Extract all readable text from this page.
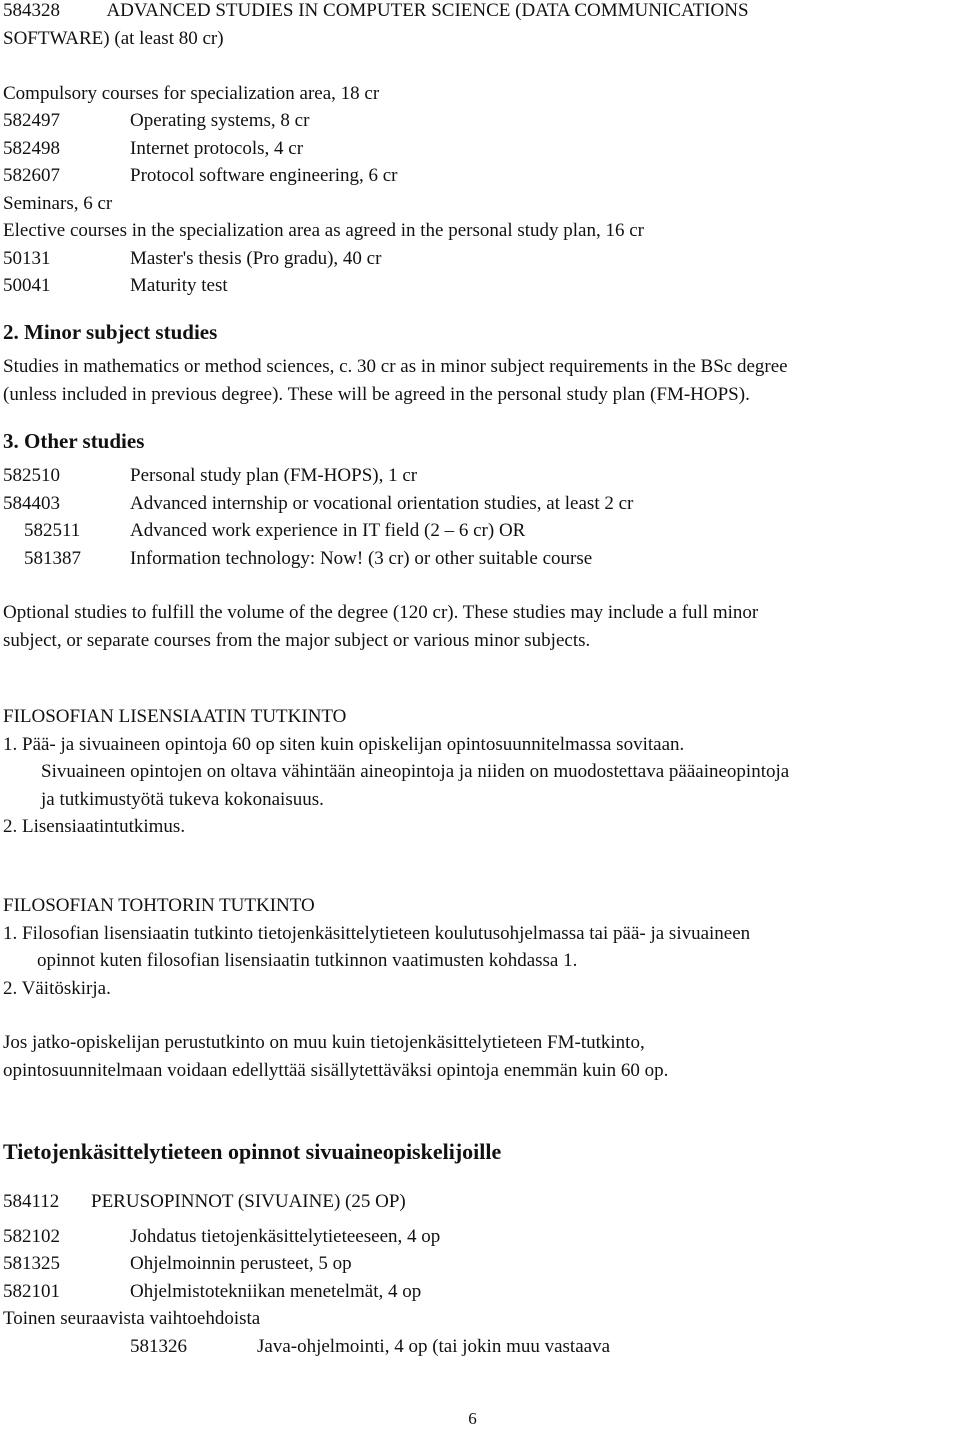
584328          ADVANCED STUDIES IN COMPUTER SCIENCE (DATA COMMUNICATIONS
SOFTWARE) (at least 80 cr)
Compulsory courses for specialization area, 18 cr
582497	Operating systems, 8 cr
582498	Internet protocols, 4 cr
582607	Protocol software engineering, 6 cr
Seminars, 6 cr
Elective courses in the specialization area as agreed in the personal study plan, 16 cr
50131	Master's thesis (Pro gradu), 40 cr
50041	Maturity test
2. Minor subject studies
Studies in mathematics or method sciences, c. 30 cr as in minor subject requirements in the BSc degree
(unless included in previous degree). These will be agreed in the personal study plan (FM-HOPS).
3. Other studies
582510	Personal study plan (FM-HOPS), 1 cr
584403	Advanced internship or vocational orientation studies, at least 2 cr
582511	Advanced work experience in IT field (2 – 6 cr) OR
581387	Information technology: Now! (3 cr) or other suitable course
Optional studies to fulfill the volume of the degree (120 cr). These studies may include a full minor
subject, or separate courses from the major subject or various minor subjects.
FILOSOFIAN LISENSIAATIN TUTKINTO
1. Pää- ja sivuaineen opintoja 60 op siten kuin opiskelijan opintosuunnitelmassa sovitaan.
Sivuaineen opintojen on oltava vähintään aineopintoja ja niiden on muodostettava pääaineopintoja
ja tutkimustyötä tukeva kokonaisuus.
2. Lisensiaatintutkimus.
FILOSOFIAN TOHTORIN TUTKINTO
1. Filosofian lisensiaatin tutkinto tietojenkäsittelytieteen koulutusohjelmassa tai pää- ja sivuaineen
opinnot kuten filosofian lisensiaatin tutkinnon vaatimusten kohdassa 1.
2. Väitöskirja.
Jos jatko-opiskelijan perustutkinto on muu kuin tietojenkäsittelytieteen FM-tutkinto,
opintosuunnitelmaan voidaan edellyttää sisällytettäväksi opintoja enemmän kuin 60 op.
Tietojenkäsittelytieteen opinnot sivuaineopiskelijoille
584112	PERUSOPINNOT (SIVUAINE) (25 OP)
582102	Johdatus tietojenkäsittelytieteeseen, 4 op
581325	Ohjelmoinnin perusteet, 5 op
582101	Ohjelmistotekniikan menetelmät, 4 op
Toinen seuraavista vaihtoehdoista
581326	Java-ohjelmointi, 4 op (tai jokin muu vastaava
6
